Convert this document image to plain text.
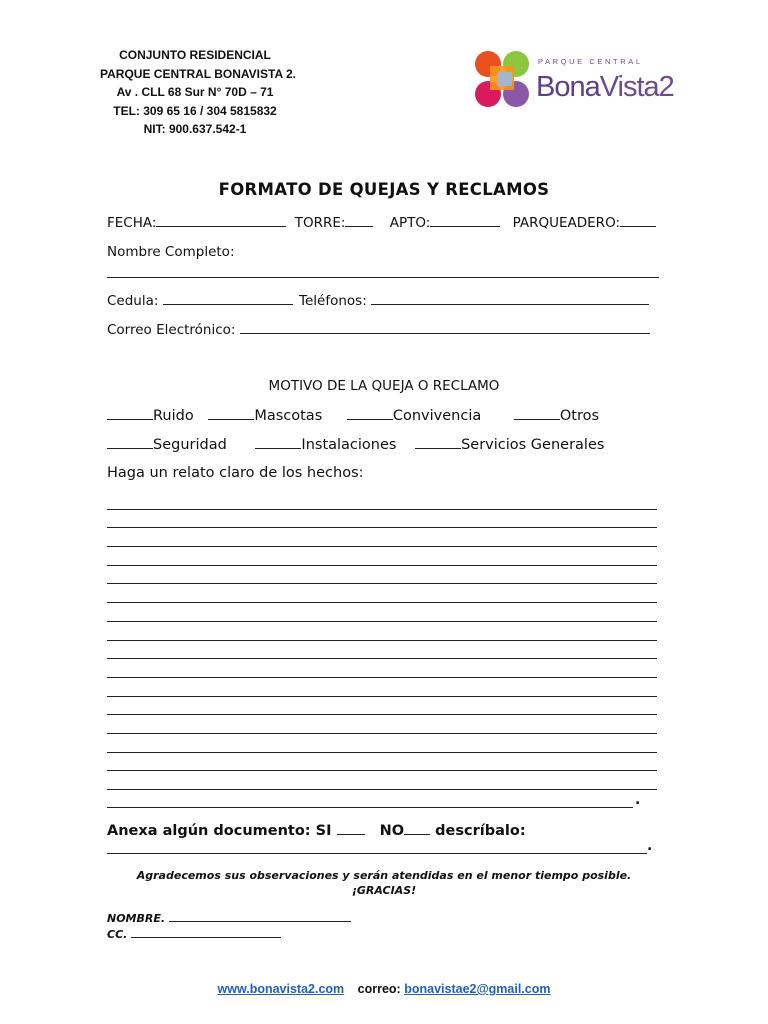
CONJUNTO RESIDENCIAL
PARQUE CENTRAL BONAVISTA 2.
Av . CLL 68 Sur N° 70D – 71
TEL: 309 65 16 / 304 5815832
NIT: 900.637.542-1
PARQUE CENTRAL
BonaVista2
FORMATO DE QUEJAS Y RECLAMOS
FECHA:	TORRE:	APTO:	PARQUEADERO:
Nombre Completo:
Cedula:	Teléfonos:
Correo Electrónico:
MOTIVO DE LA QUEJA O RECLAMO
Ruido	Mascotas	Convivencia	Otros
Seguridad	Instalaciones	Servicios Generales
Haga un relato claro de los hechos:
.
Anexa algún documento: SI	NO descríbalo:
.
Agradecemos sus observaciones y serán atendidas en el menor tiempo posible.
¡GRACIAS!
NOMBRE.
CC.
www.bonavista2.com correo: bonavistae2@gmail.com
